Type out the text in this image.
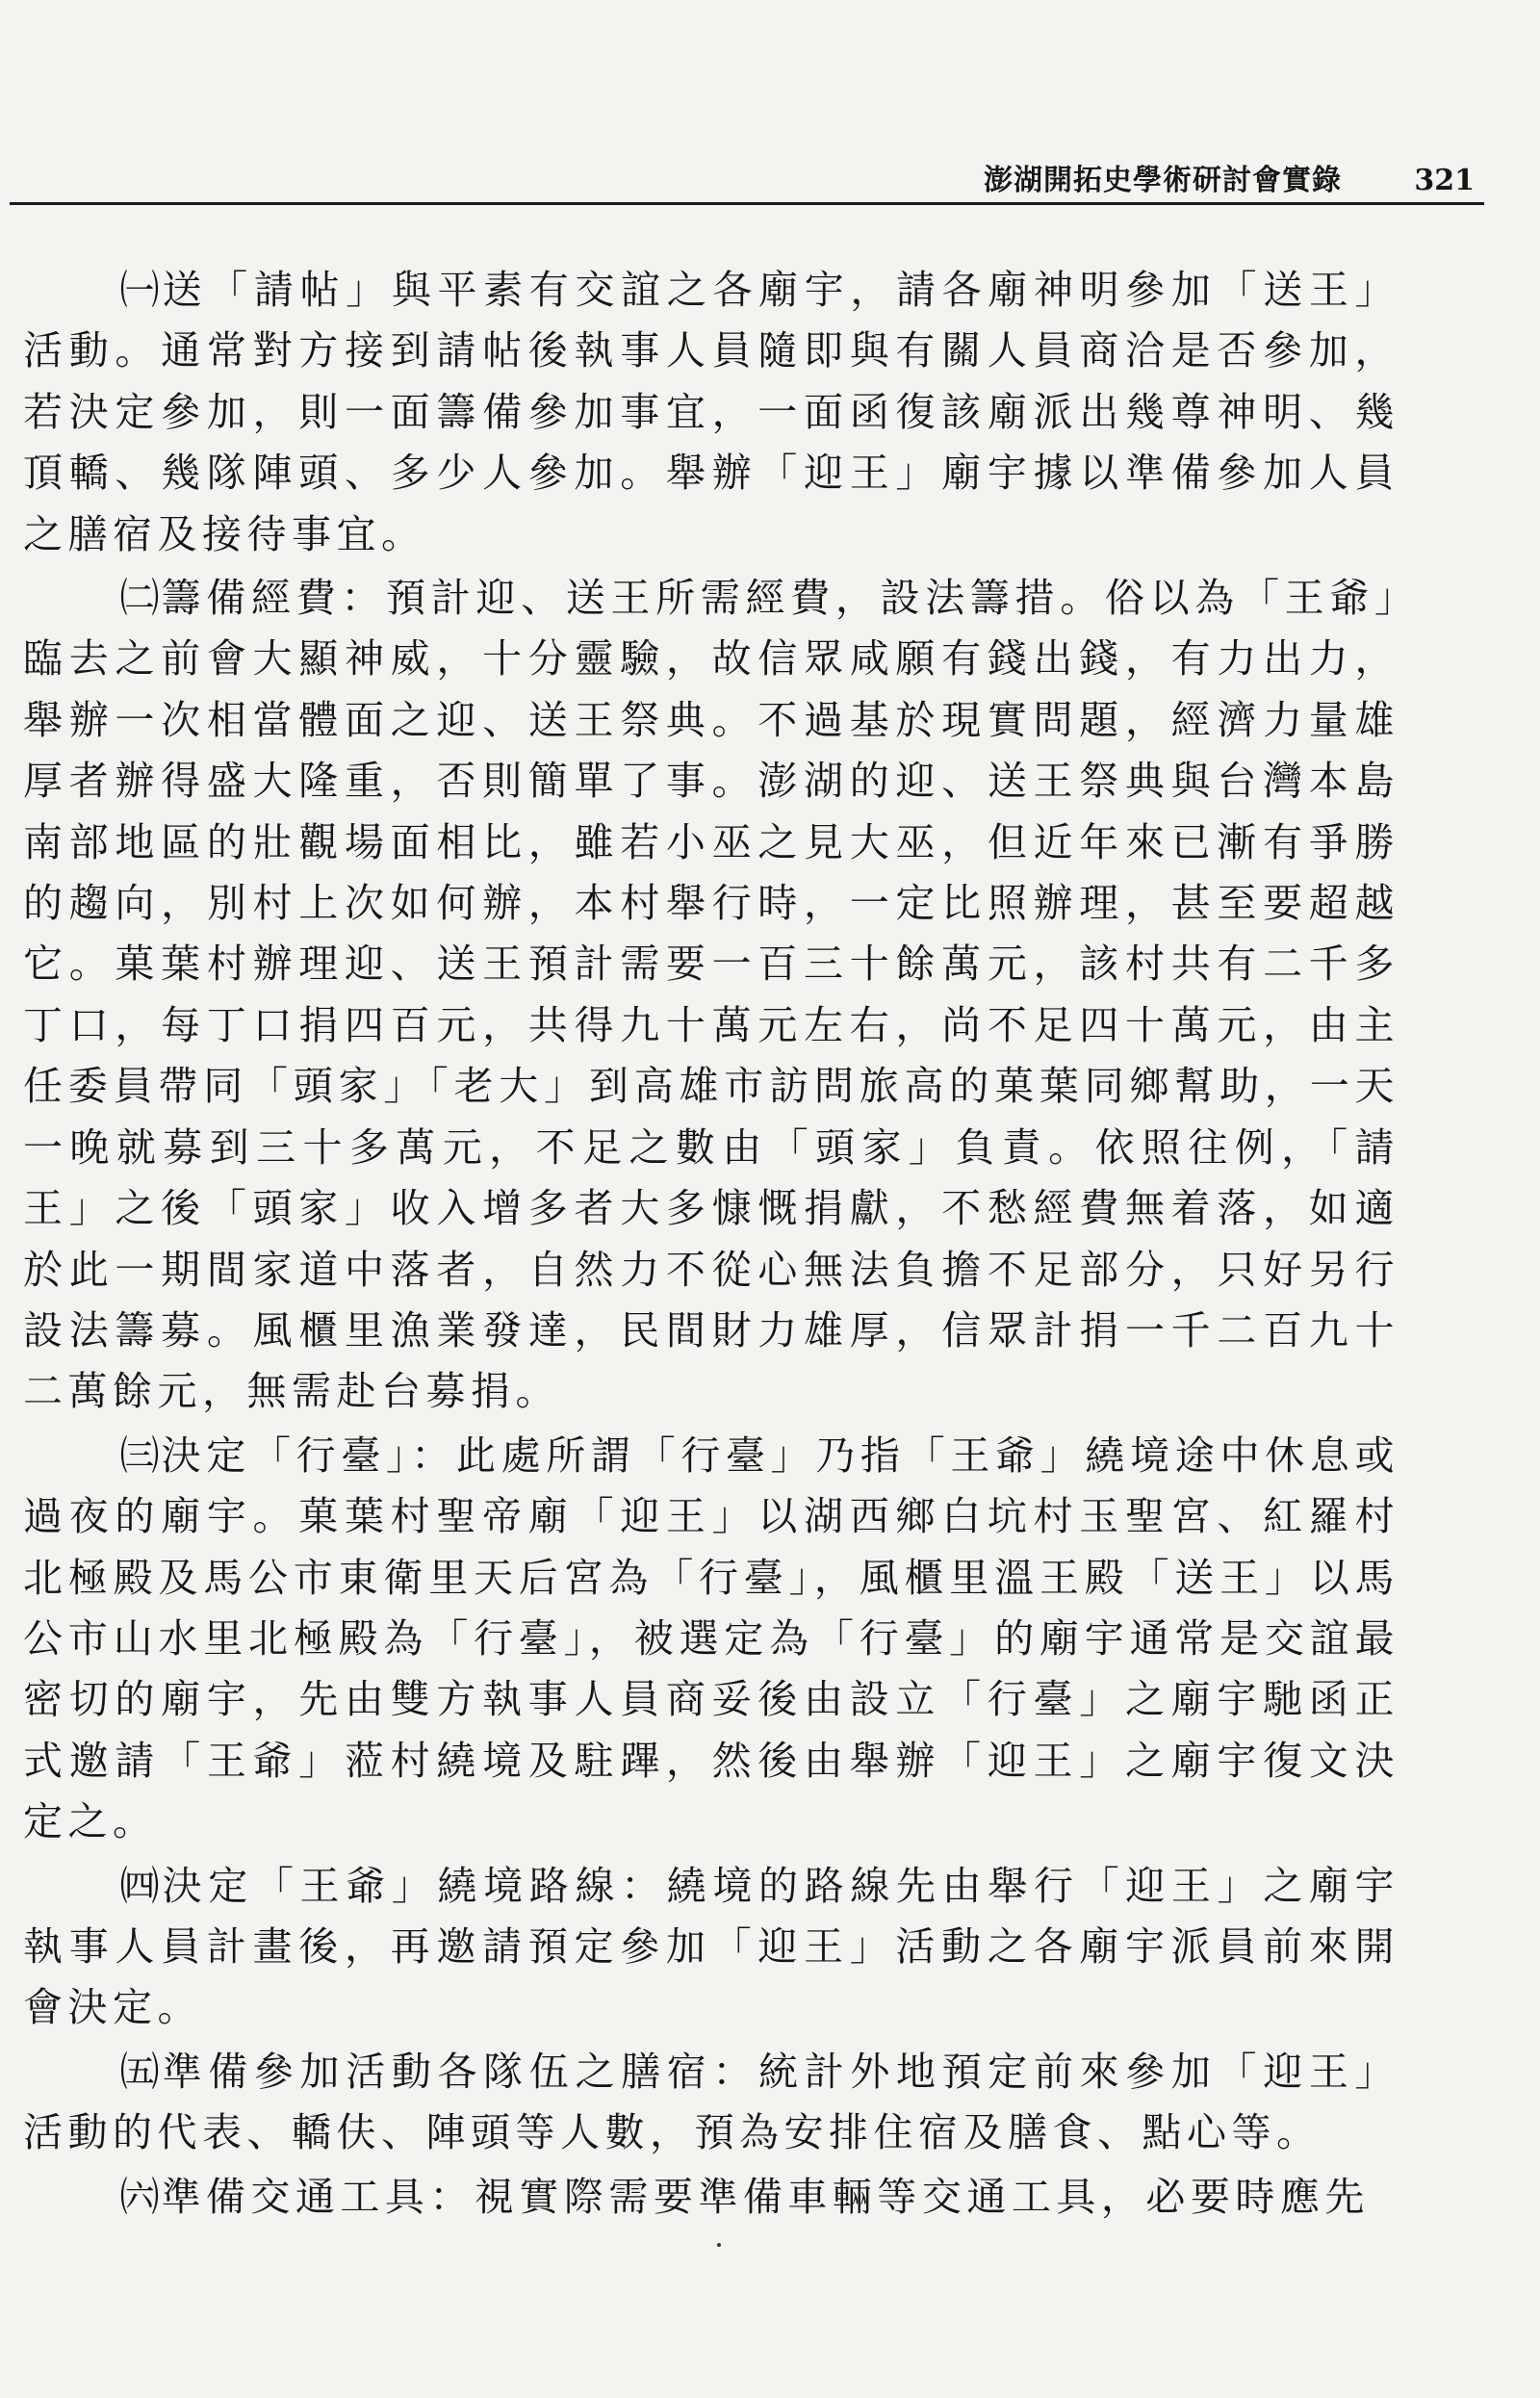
澎湖開拓史學術研討會實錄	321

㈠送「請帖」與平素有交誼之各廟宇，請各廟神明參加「送王」活動。通常對方接到請帖後執事人員隨即與有關人員商洽是否參加，若決定參加，則一面籌備參加事宜，一面函復該廟派出幾尊神明、幾頂轎、幾隊陣頭、多少人參加。舉辦「迎王」廟宇據以準備參加人員之膳宿及接待事宜。

㈡籌備經費：預計迎、送王所需經費，設法籌措。俗以為「王爺」臨去之前會大顯神威，十分靈驗，故信眾咸願有錢出錢，有力出力，舉辦一次相當體面之迎、送王祭典。不過基於現實問題，經濟力量雄厚者辦得盛大隆重，否則簡單了事。澎湖的迎、送王祭典與台灣本島南部地區的壯觀場面相比，雖若小巫之見大巫，但近年來已漸有爭勝的趨向，別村上次如何辦，本村舉行時，一定比照辦理，甚至要超越它。菓葉村辦理迎、送王預計需要一百三十餘萬元，該村共有二千多丁口，每丁口捐四百元，共得九十萬元左右，尚不足四十萬元，由主任委員帶同「頭家」「老大」到高雄市訪問旅高的菓葉同鄉幫助，一天一晚就募到三十多萬元，不足之數由「頭家」負責。依照往例，「請王」之後「頭家」收入增多者大多慷慨捐獻，不愁經費無着落，如適於此一期間家道中落者，自然力不從心無法負擔不足部分，只好另行設法籌募。風櫃里漁業發達，民間財力雄厚，信眾計捐一千二百九十二萬餘元，無需赴台募捐。

㈢決定「行臺」：此處所謂「行臺」乃指「王爺」繞境途中休息或過夜的廟宇。菓葉村聖帝廟「迎王」以湖西鄉白坑村玉聖宮、紅羅村北極殿及馬公市東衛里天后宮為「行臺」，風櫃里溫王殿「送王」以馬公市山水里北極殿為「行臺」，被選定為「行臺」的廟宇通常是交誼最密切的廟宇，先由雙方執事人員商妥後由設立「行臺」之廟宇馳函正式邀請「王爺」蒞村繞境及駐蹕，然後由舉辦「迎王」之廟宇復文決定之。

㈣決定「王爺」繞境路線：繞境的路線先由舉行「迎王」之廟宇執事人員計畫後，再邀請預定參加「迎王」活動之各廟宇派員前來開會決定。

㈤準備參加活動各隊伍之膳宿：統計外地預定前來參加「迎王」活動的代表、轎伕、陣頭等人數，預為安排住宿及膳食、點心等。

㈥準備交通工具：視實際需要準備車輛等交通工具，必要時應先
